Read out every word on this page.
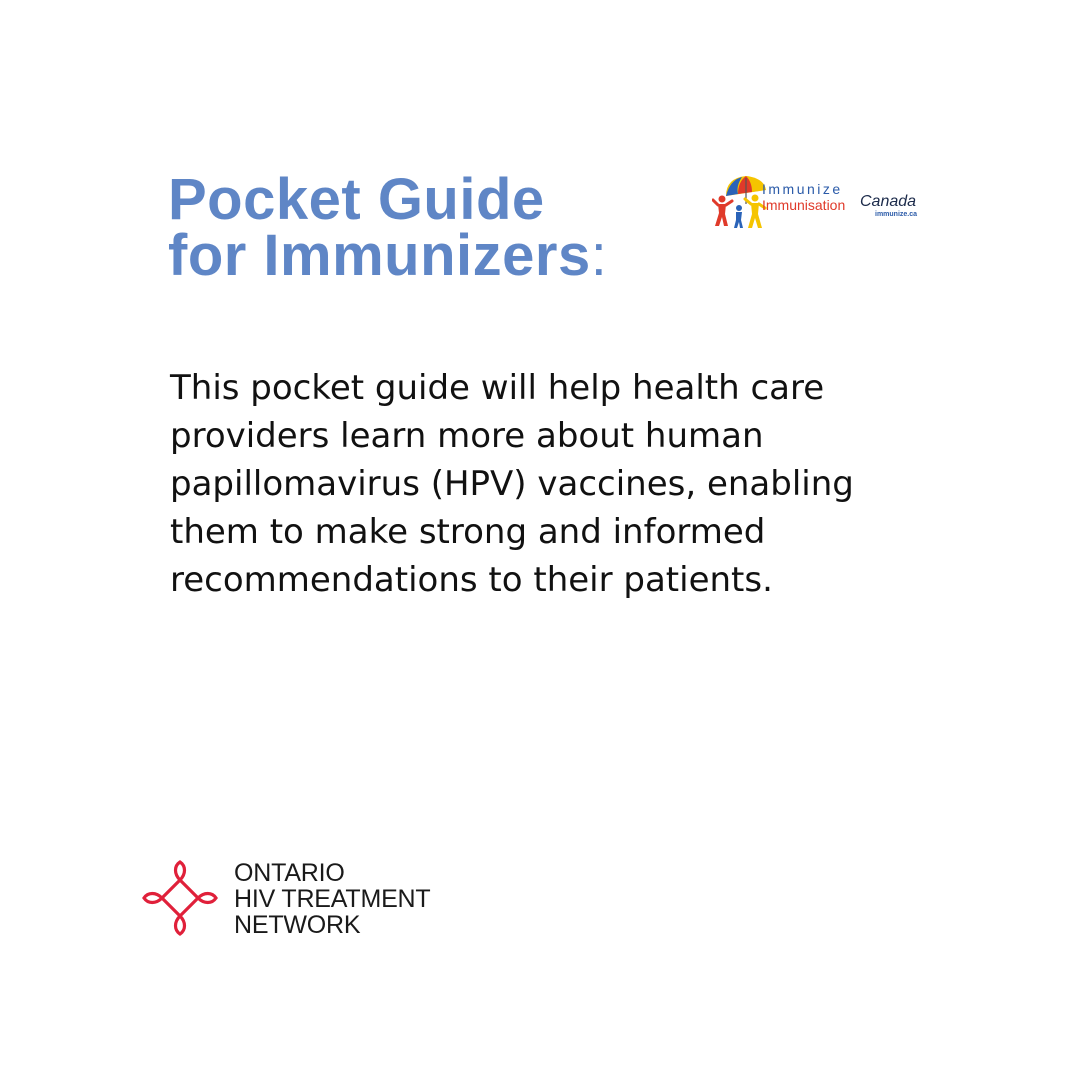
Pocket Guide
for Immunizers:
Immunize
Immunisation Canada
immunize.ca

This pocket guide will help health care
providers learn more about human
papillomavirus (HPV) vaccines, enabling
them to make strong and informed
recommendations to their patients.

ONTARIO
HIV TREATMENT
NETWORK
